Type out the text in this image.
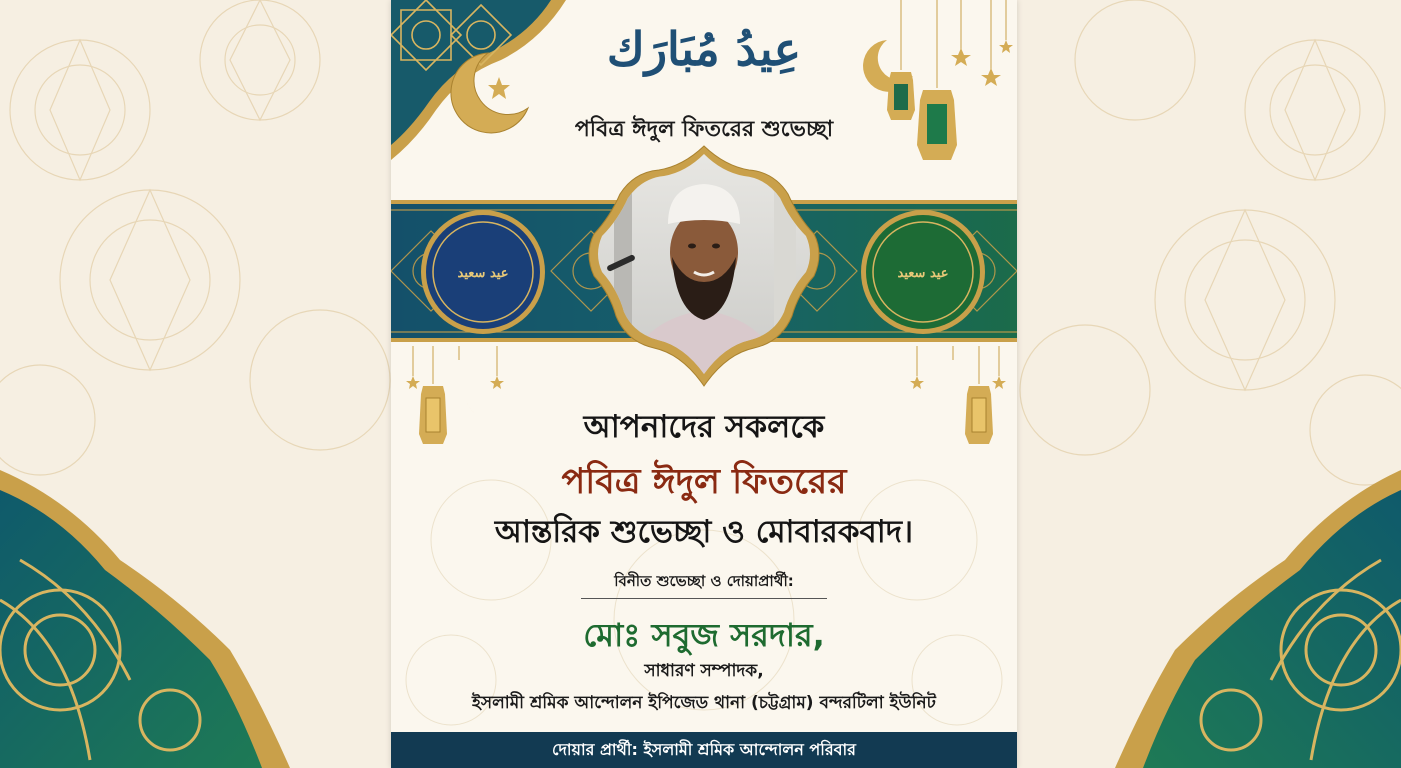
عِيدُ مُبَارَك
পবিত্র ঈদুল ফিতরের শুভেচ্ছা
عيد سعيد	عيد سعيد
আপনাদের সকলকে
পবিত্র ঈদুল ফিতরের
আন্তরিক শুভেচ্ছা ও মোবারকবাদ।
বিনীত শুভেচ্ছা ও দোয়াপ্রার্থী:
মোঃ সবুজ সরদার,
সাধারণ সম্পাদক,
ইসলামী শ্রমিক আন্দোলন ইপিজেড থানা (চট্টগ্রাম) বন্দরটিলা ইউনিট
দোয়ার প্রার্থী: ইসলামী শ্রমিক আন্দোলন পরিবার
